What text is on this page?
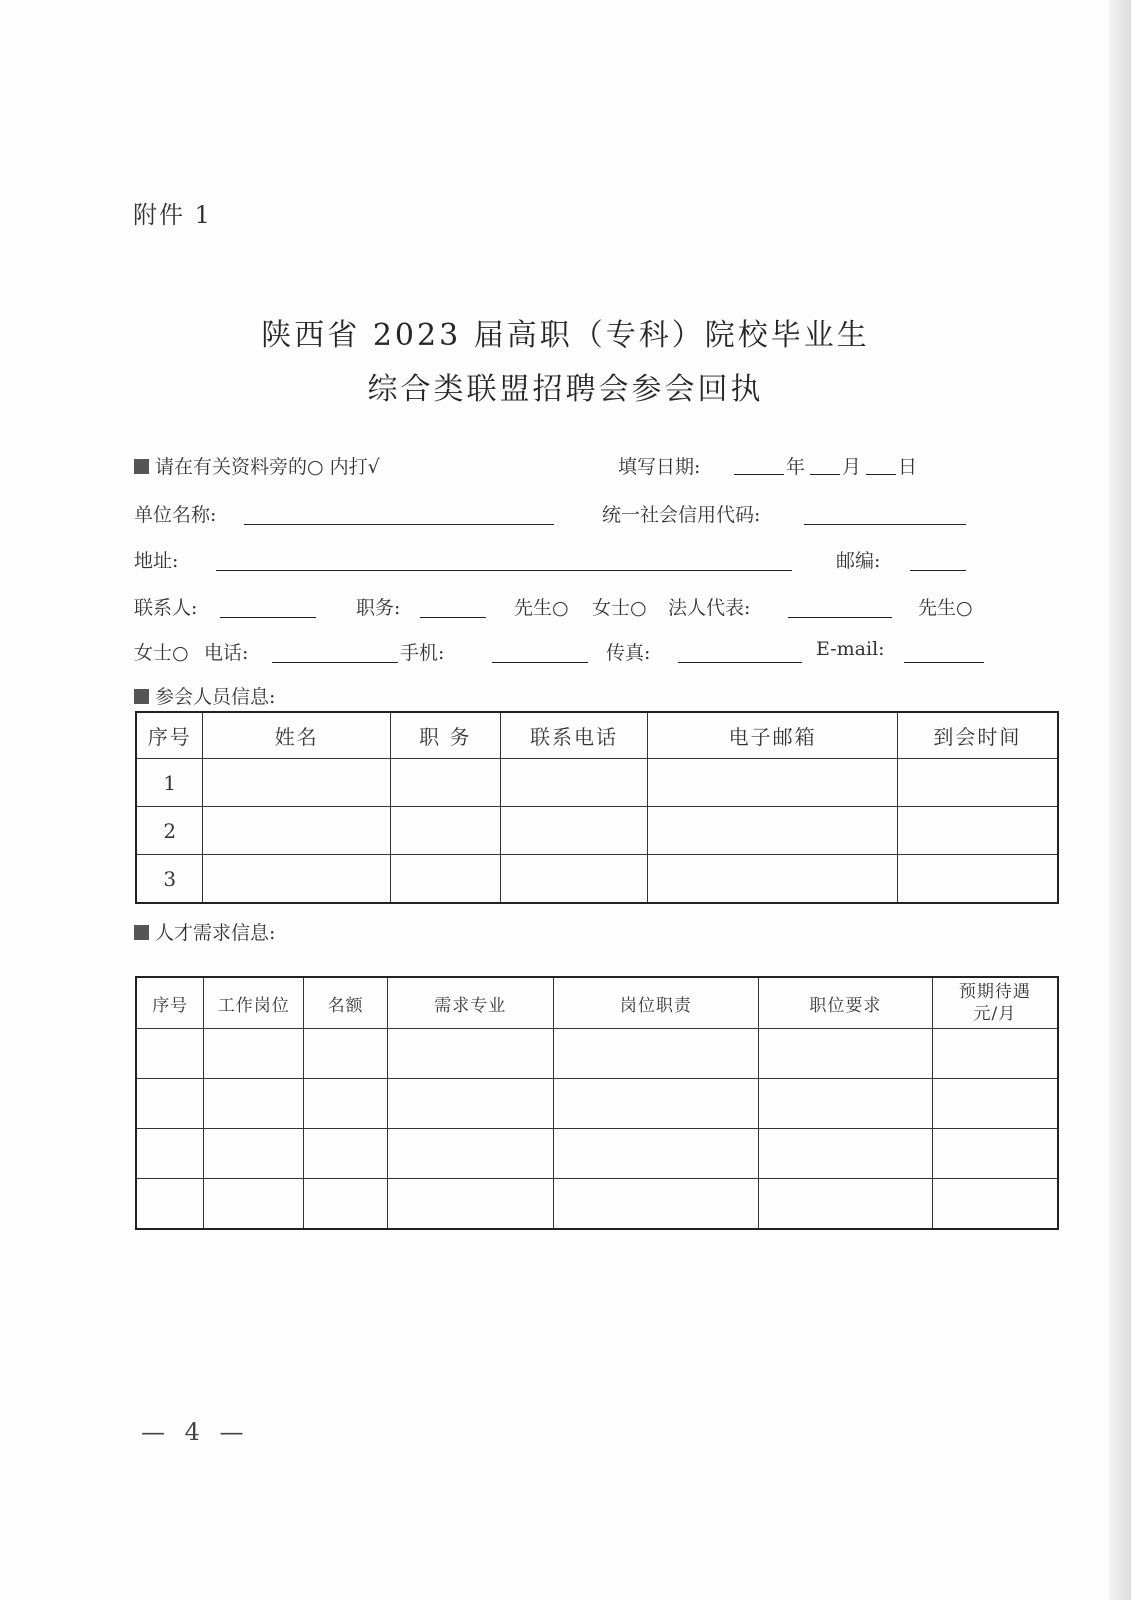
附件 1
陕西省 2023 届高职（专科）院校毕业生
综合类联盟招聘会参会回执
请在有关资料旁的○ 内打√	填写日期:	年 月 日
单位名称:	统一社会信用代码:
地址:	邮编:
联系人:	职务:	先生○ 女士○ 法人代表:	先生○
女士○ 电话:	手机:	传真:	E-mail:
参会人员信息:
序号	姓名	职 务	联系电话	电子邮箱	到会时间
1					
2					
3					
人才需求信息:
序号	工作岗位	名额	需求专业	岗位职责	职位要求	预期待遇
元/月

— 4 —
